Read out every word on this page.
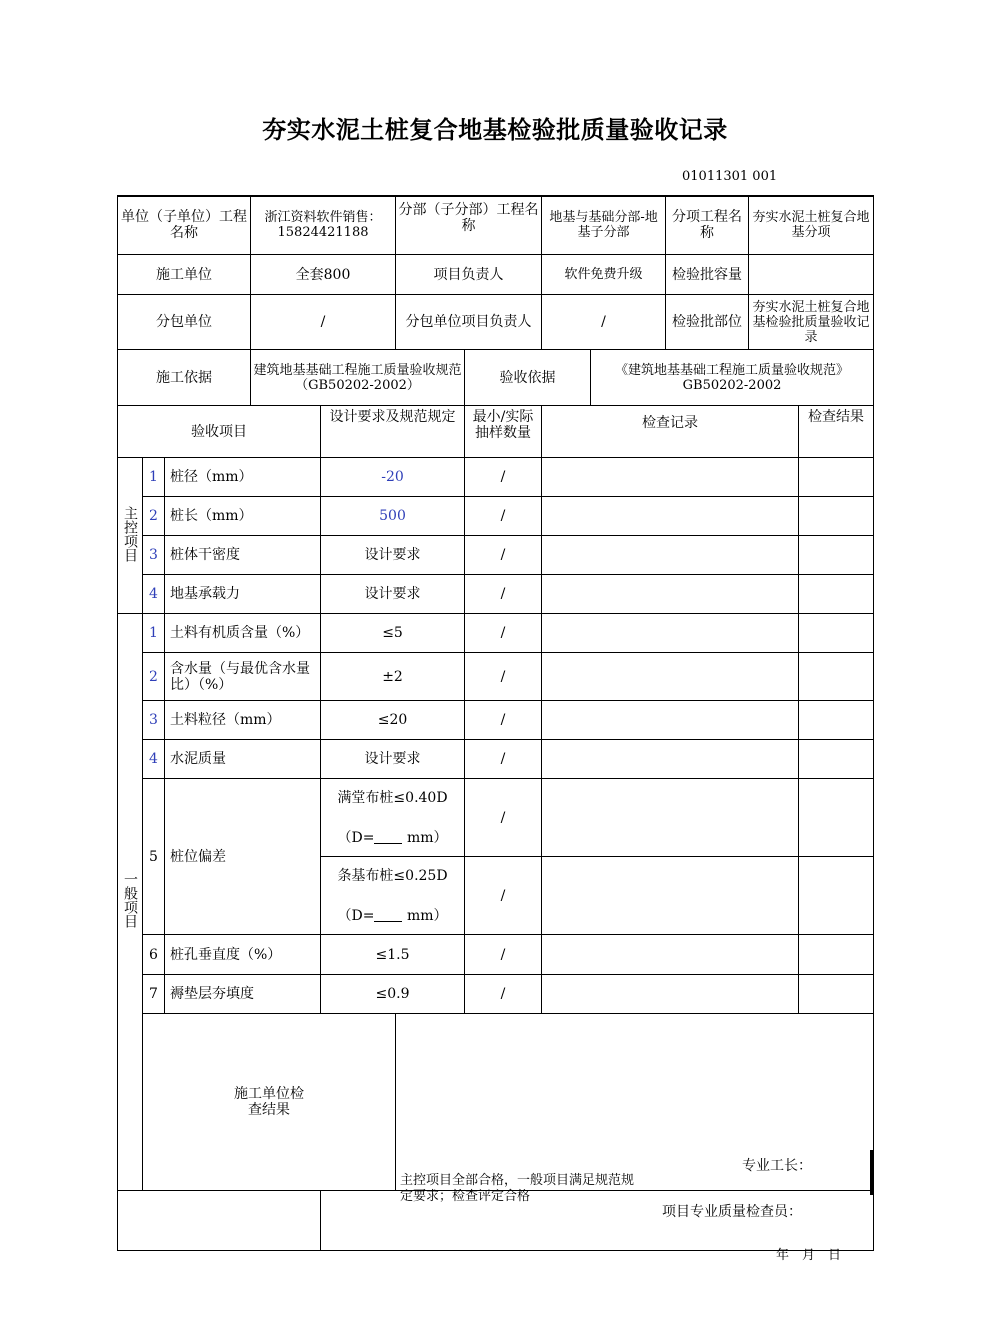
夯实水泥土桩复合地基检验批质量验收记录
01011301 001
单位（子单位）工程名称			浙江资料软件销售：15824421188		分部（子分部）工程名称		地基与基础分部-地基子分部		分项工程名称	夯实水泥土桩复合地基分项	
施工单位			全套800		项目负责人		软件免费升级		检验批容量		
分包单位			/		分包单位项目负责人		/		检验批部位	夯实水泥土桩复合地基检验批质量验收记录	
施工依据			建筑地基基础工程施工质量验收规范（GB50202-2002）			验收依据		《建筑地基基础工程施工质量验收规范》GB50202-2002			
验收项目				设计要求及规范规定		最小/实际抽样数量	检查记录				检查结果
主控项目	1	桩径（mm）		-20		/					
	2	桩长（mm）		500		/					
	3	桩体干密度		设计要求		/					
	4	地基承载力		设计要求		/					
一般项目	1	土料有机质含量（%）		≤5		/					
	2	含水量（与最优含水量比）（%）		±2		/					
	3	土料粒径（mm）		≤20		/					
	4	水泥质量		设计要求		/					
	5	桩位偏差		满堂布桩≤0.40D
（D= mm）		/					

				条基布桩≤0.25D
（D= mm）		/					
	6	桩孔垂直度（%）		≤1.5		/					
	7	褥垫层夯填度		≤0.9		/					

	施工单位检查结果				主控项目全部合格，一般项目满足规范规定要求；检查评定合格
专业工长：
项目专业质量检查员：
年　月　日						
